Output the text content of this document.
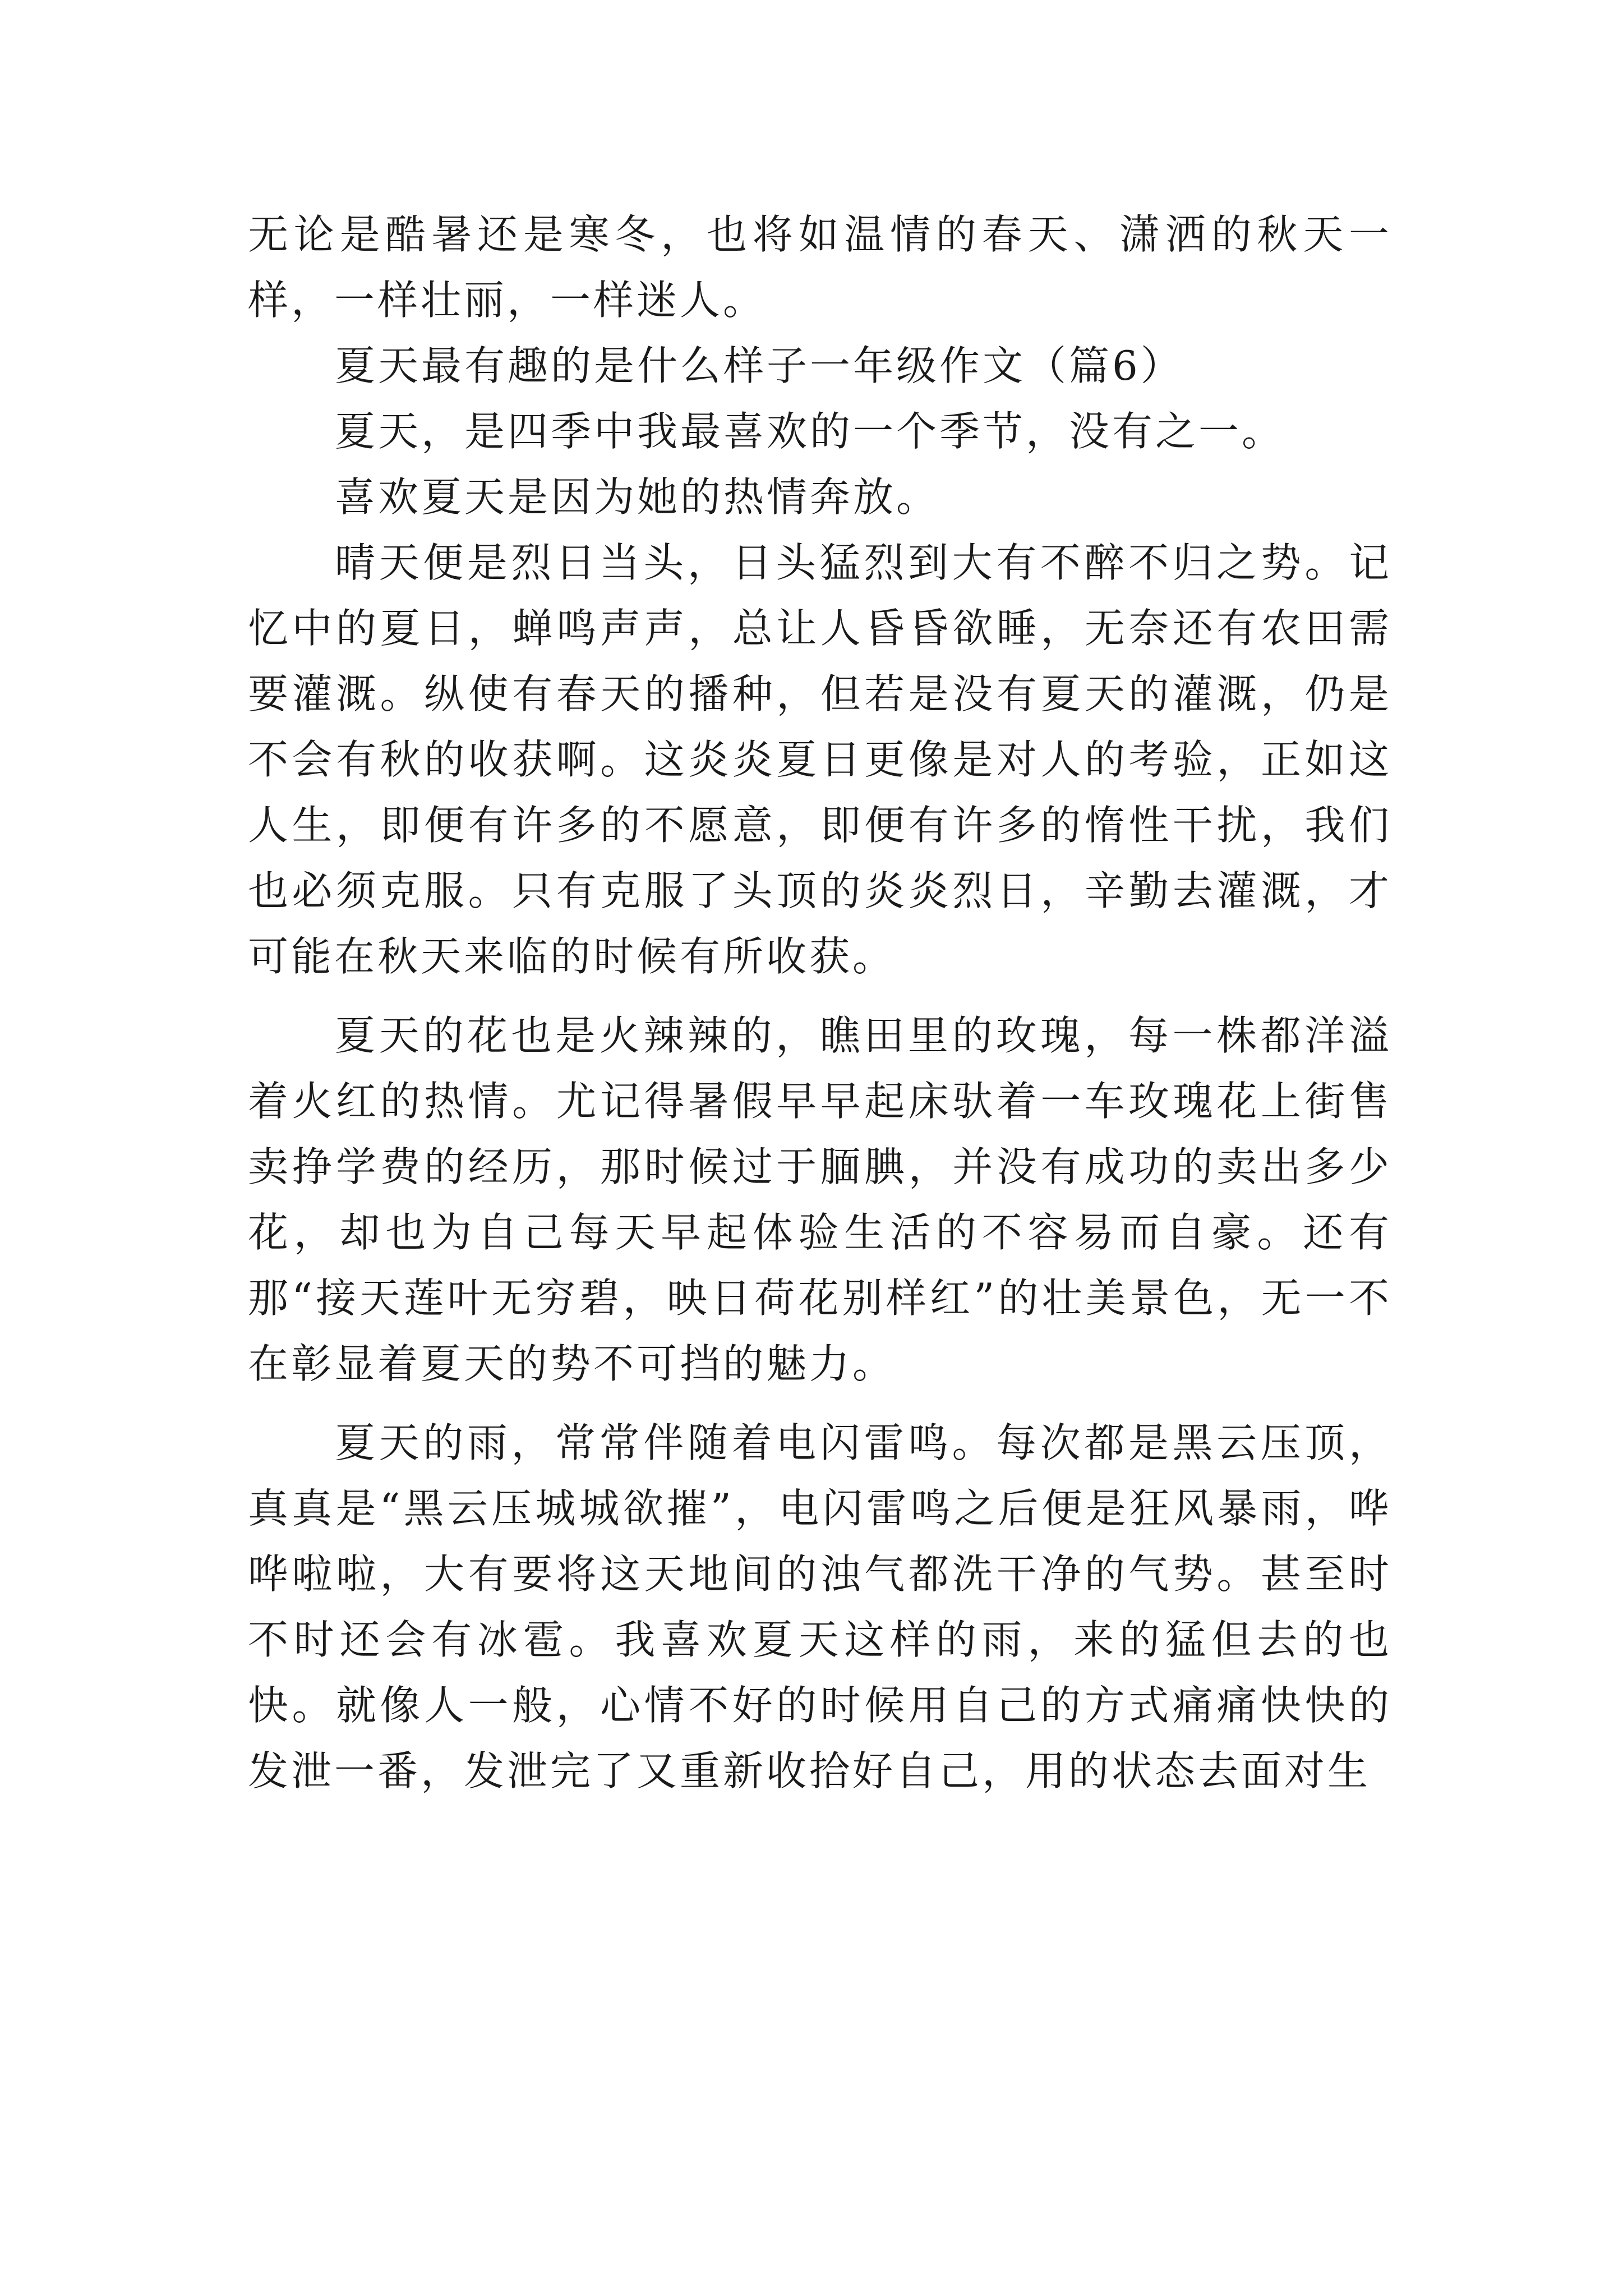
无论是酷暑还是寒冬，也将如温情的春天、潇洒的秋天一样，一样壮丽，一样迷人。

夏天最有趣的是什么样子一年级作文（篇6）

夏天，是四季中我最喜欢的一个季节，没有之一。

喜欢夏天是因为她的热情奔放。

晴天便是烈日当头，日头猛烈到大有不醉不归之势。记忆中的夏日，蝉鸣声声，总让人昏昏欲睡，无奈还有农田需要灌溉。纵使有春天的播种，但若是没有夏天的灌溉，仍是不会有秋的收获啊。这炎炎夏日更像是对人的考验，正如这人生，即便有许多的不愿意，即便有许多的惰性干扰，我们也必须克服。只有克服了头顶的炎炎烈日，辛勤去灌溉，才可能在秋天来临的时候有所收获。

夏天的花也是火辣辣的，瞧田里的玫瑰，每一株都洋溢着火红的热情。尤记得暑假早早起床驮着一车玫瑰花上街售卖挣学费的经历，那时候过于腼腆，并没有成功的卖出多少花，却也为自己每天早起体验生活的不容易而自豪。还有那“接天莲叶无穷碧，映日荷花别样红”的壮美景色，无一不在彰显着夏天的势不可挡的魅力。

夏天的雨，常常伴随着电闪雷鸣。每次都是黑云压顶，真真是“黑云压城城欲摧”，电闪雷鸣之后便是狂风暴雨，哗哗啦啦，大有要将这天地间的浊气都洗干净的气势。甚至时不时还会有冰雹。我喜欢夏天这样的雨，来的猛但去的也快。就像人一般，心情不好的时候用自己的方式痛痛快快的发泄一番，发泄完了又重新收拾好自己，用的状态去面对生
